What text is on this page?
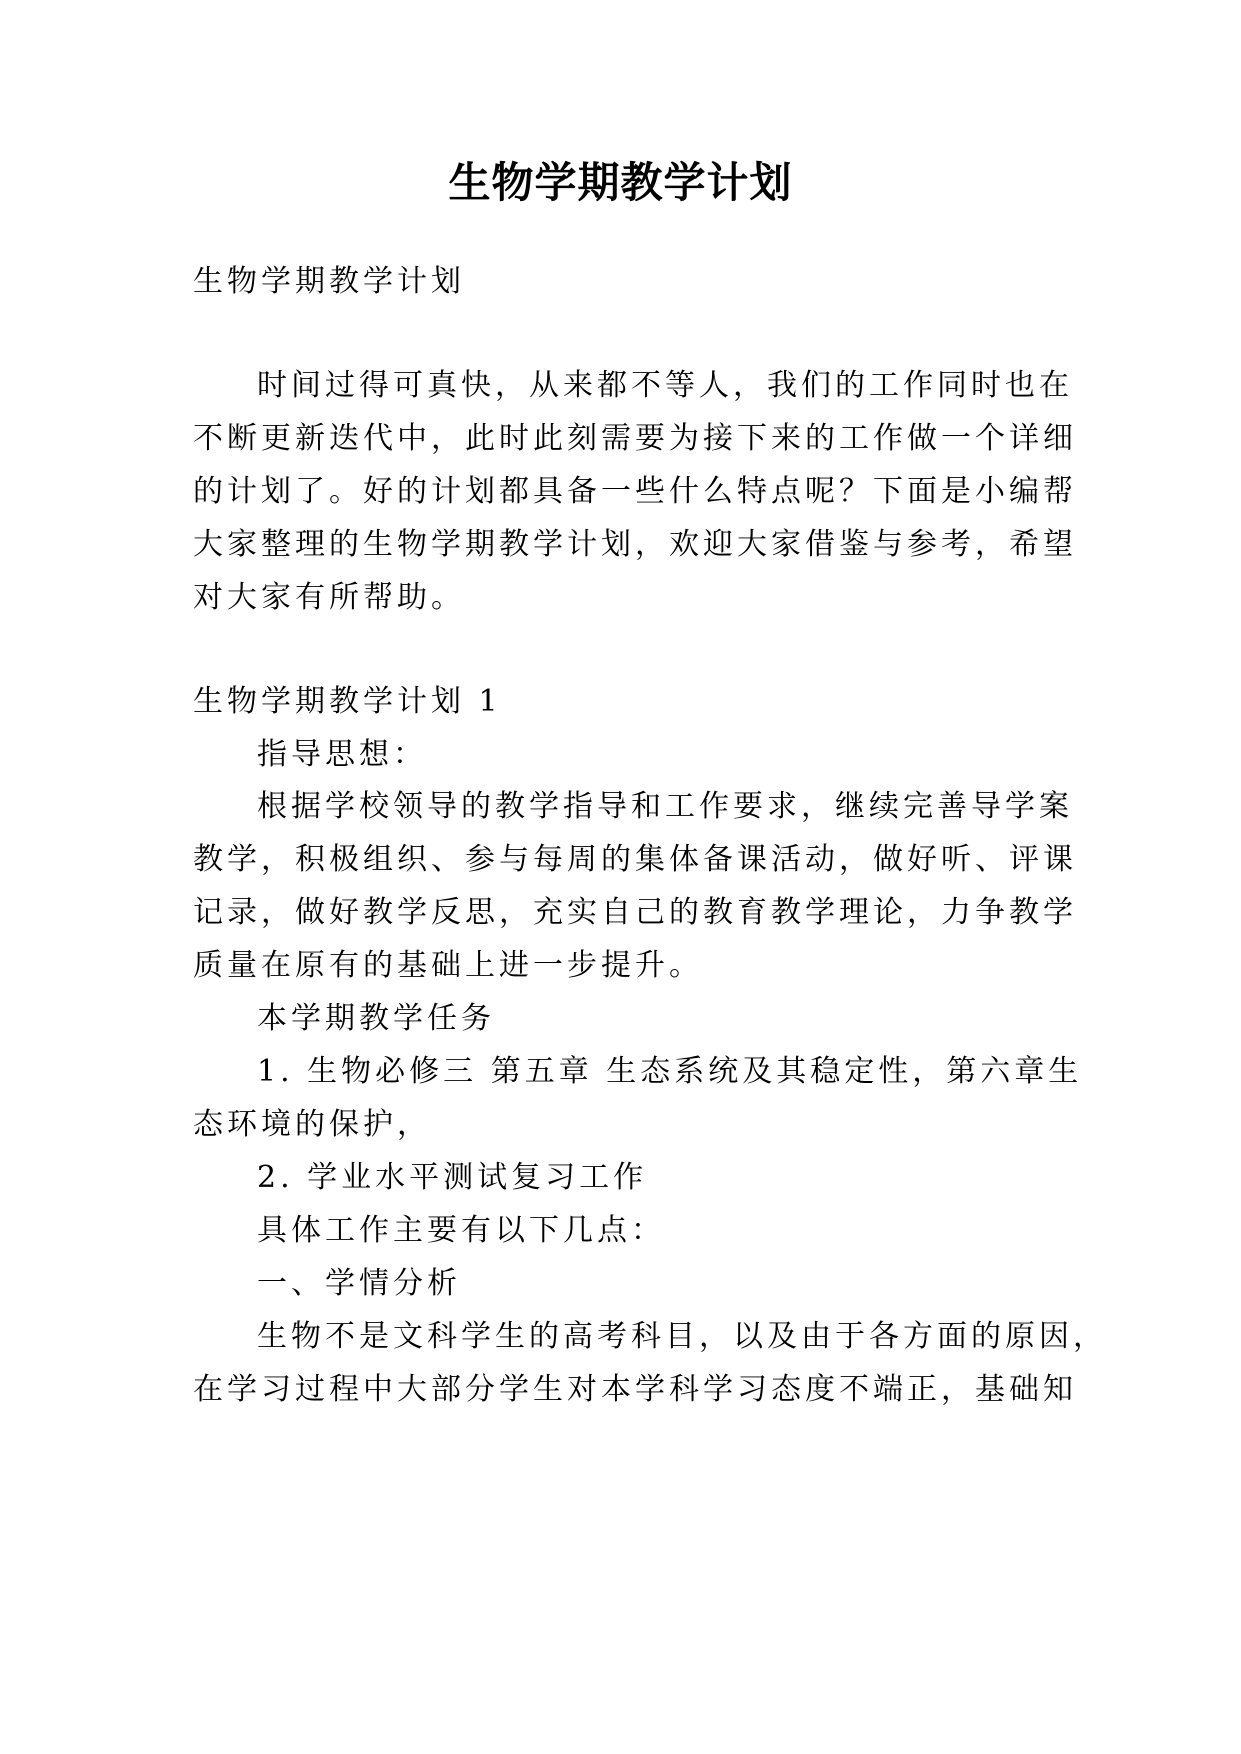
生物学期教学计划
生物学期教学计划
时间过得可真快，从来都不等人，我们的工作同时也在
不断更新迭代中，此时此刻需要为接下来的工作做一个详细
的计划了。好的计划都具备一些什么特点呢？下面是小编帮
大家整理的生物学期教学计划，欢迎大家借鉴与参考，希望
对大家有所帮助。
生物学期教学计划 1
指导思想：
根据学校领导的教学指导和工作要求，继续完善导学案
教学，积极组织、参与每周的集体备课活动，做好听、评课
记录，做好教学反思，充实自己的教育教学理论，力争教学
质量在原有的基础上进一步提升。
本学期教学任务
1. 生物必修三 第五章 生态系统及其稳定性，第六章生
态环境的保护，
2. 学业水平测试复习工作
具体工作主要有以下几点：
一、学情分析
生物不是文科学生的高考科目，以及由于各方面的原因，
在学习过程中大部分学生对本学科学习态度不端正，基础知
